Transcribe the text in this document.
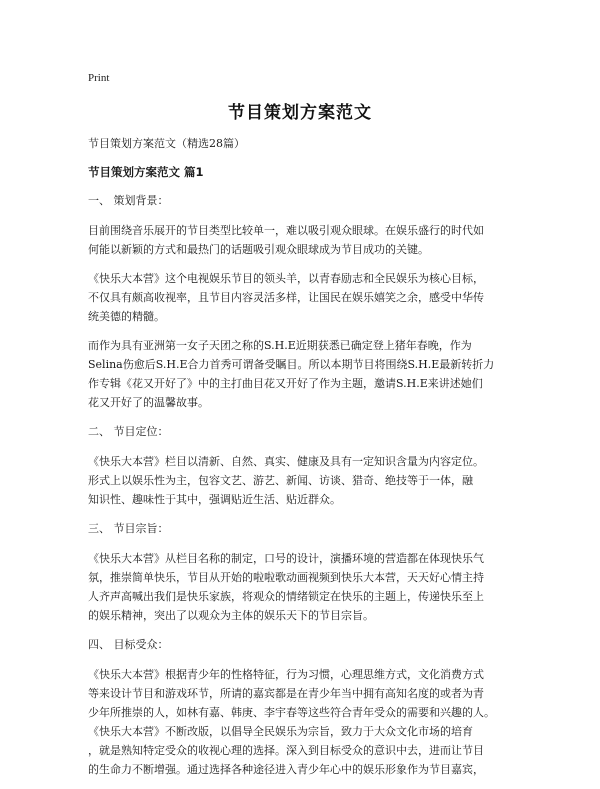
Print
节目策划方案范文

节目策划方案范文（精选28篇）

节目策划方案范文 篇1

一、 策划背景：

目前围绕音乐展开的节目类型比较单一，难以吸引观众眼球。在娱乐盛行的时代如

何能以新颖的方式和最热门的话题吸引观众眼球成为节目成功的关键。

《快乐大本营》这个电视娱乐节目的领头羊，以青春励志和全民娱乐为核心目标，

不仅具有颇高收视率，且节目内容灵活多样，让国民在娱乐嬉笑之余，感受中华传

统美德的精髓。

而作为具有亚洲第一女子天团之称的S.H.E近期获悉已确定登上猪年春晚，作为

Selina伤愈后S.H.E合力首秀可谓备受瞩目。所以本期节目将围绕S.H.E最新转折力

作专辑《花又开好了》中的主打曲目花又开好了作为主题，邀请S.H.E来讲述她们

花又开好了的温馨故事。

二、 节目定位：

《快乐大本营》栏目以清新、自然、真实、健康及具有一定知识含量为内容定位。

形式上以娱乐性为主，包容文艺、游艺、新闻、访谈、猎奇、绝技等于一体，融

知识性、趣味性于其中，强调贴近生活、贴近群众。

三、 节目宗旨：

《快乐大本营》从栏目名称的制定，口号的设计，演播环境的营造都在体现快乐气

氛，推崇简单快乐，节目从开始的啦啦歌动画视频到快乐大本营，天天好心情主持

人齐声高喊出我们是快乐家族，将观众的情绪锁定在快乐的主题上，传递快乐至上

的娱乐精神，突出了以观众为主体的娱乐天下的节目宗旨。

四、 目标受众：

《快乐大本营》根据青少年的性格特征，行为习惯，心理思维方式，文化消费方式

等来设计节目和游戏环节，所请的嘉宾都是在青少年当中拥有高知名度的或者为青

少年所推崇的人，如林有嘉、韩庚、李宇春等这些符合青年受众的需要和兴趣的人。

《快乐大本营》不断改版，以倡导全民娱乐为宗旨，致力于大众文化市场的培育

，就是熟知特定受众的收视心理的选择。深入到目标受众的意识中去，进而让节目

的生命力不断增强。通过选择各种途径进入青少年心中的娱乐形象作为节目嘉宾，
